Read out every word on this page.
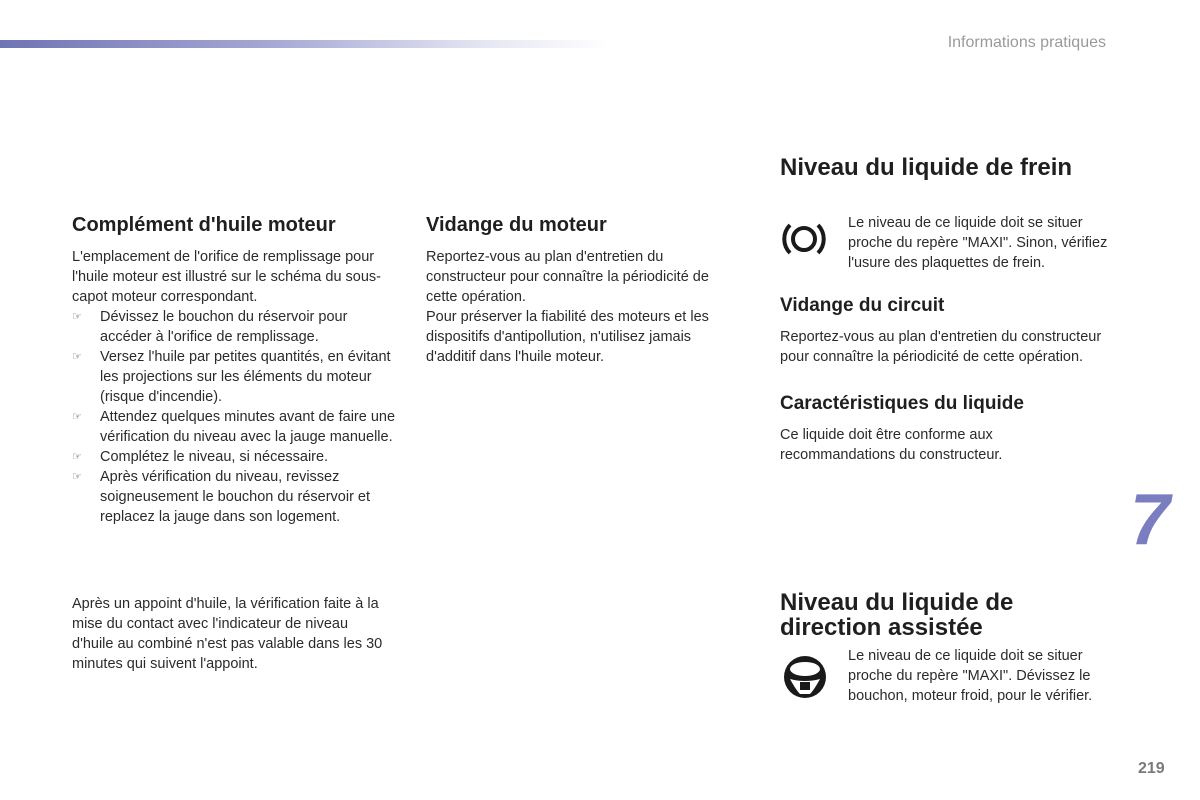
Informations pratiques
Complément d'huile moteur

L'emplacement de l'orifice de remplissage pour l'huile moteur est illustré sur le schéma du sous-capot moteur correspondant.

☞	Dévissez le bouchon du réservoir pour accéder à l'orifice de remplissage.
☞	Versez l'huile par petites quantités, en évitant les projections sur les éléments du moteur (risque d'incendie).
☞	Attendez quelques minutes avant de faire une vérification du niveau avec la jauge manuelle.
☞	Complétez le niveau, si nécessaire.
☞	Après vérification du niveau, revissez soigneusement le bouchon du réservoir et replacez la jauge dans son logement.

Après un appoint d'huile, la vérification faite à la mise du contact avec l'indicateur de niveau d'huile au combiné n'est pas valable dans les 30 minutes qui suivent l'appoint.

Vidange du moteur

Reportez-vous au plan d'entretien du constructeur pour connaître la périodicité de cette opération.

Pour préserver la fiabilité des moteurs et les dispositifs d'antipollution, n'utilisez jamais d'additif dans l'huile moteur.

Niveau du liquide de frein

Le niveau de ce liquide doit se situer proche du repère "MAXI". Sinon, vérifiez l'usure des plaquettes de frein.

Vidange du circuit

Reportez-vous au plan d'entretien du constructeur pour connaître la périodicité de cette opération.

Caractéristiques du liquide

Ce liquide doit être conforme aux recommandations du constructeur.

Niveau du liquide de
direction assistée

Le niveau de ce liquide doit se situer proche du repère "MAXI". Dévissez le bouchon, moteur froid, pour le vérifier.

7
219
